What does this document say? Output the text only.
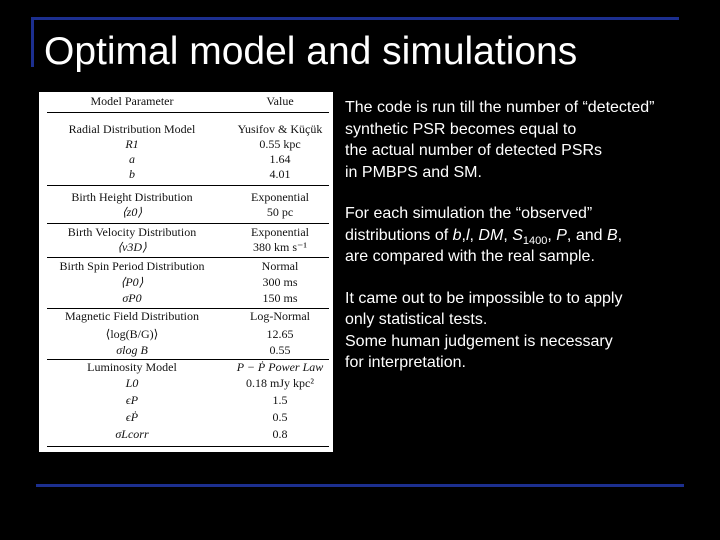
Optimal model and simulations
Model Parameter	Value
Radial Distribution Model	Yusifov & Küçük
R1	0.55 kpc
a	1.64
b	4.01
Birth Height Distribution	Exponential
⟨z0⟩	50 pc
Birth Velocity Distribution	Exponential
⟨v3D⟩	380 km s⁻¹
Birth Spin Period Distribution	Normal
⟨P0⟩	300 ms
σP0	150 ms
Magnetic Field Distribution	Log-Normal
⟨log(B/G)⟩	12.65
σlog B	0.55
Luminosity Model	P − Ṗ Power Law
L0	0.18 mJy kpc²
ϵP	1.5
ϵṖ	0.5
σLcorr	0.8

The code is run till the number of “detected”
synthetic PSR becomes equal to
the actual number of detected PSRs
in PMBPS and SM.

For each simulation the “observed”
distributions of b,l, DM, $S_{1400}$, P, and B,
are compared with the real sample.

It came out to be impossible to to apply
only statistical tests.
Some human judgement is necessary
for interpretation.
